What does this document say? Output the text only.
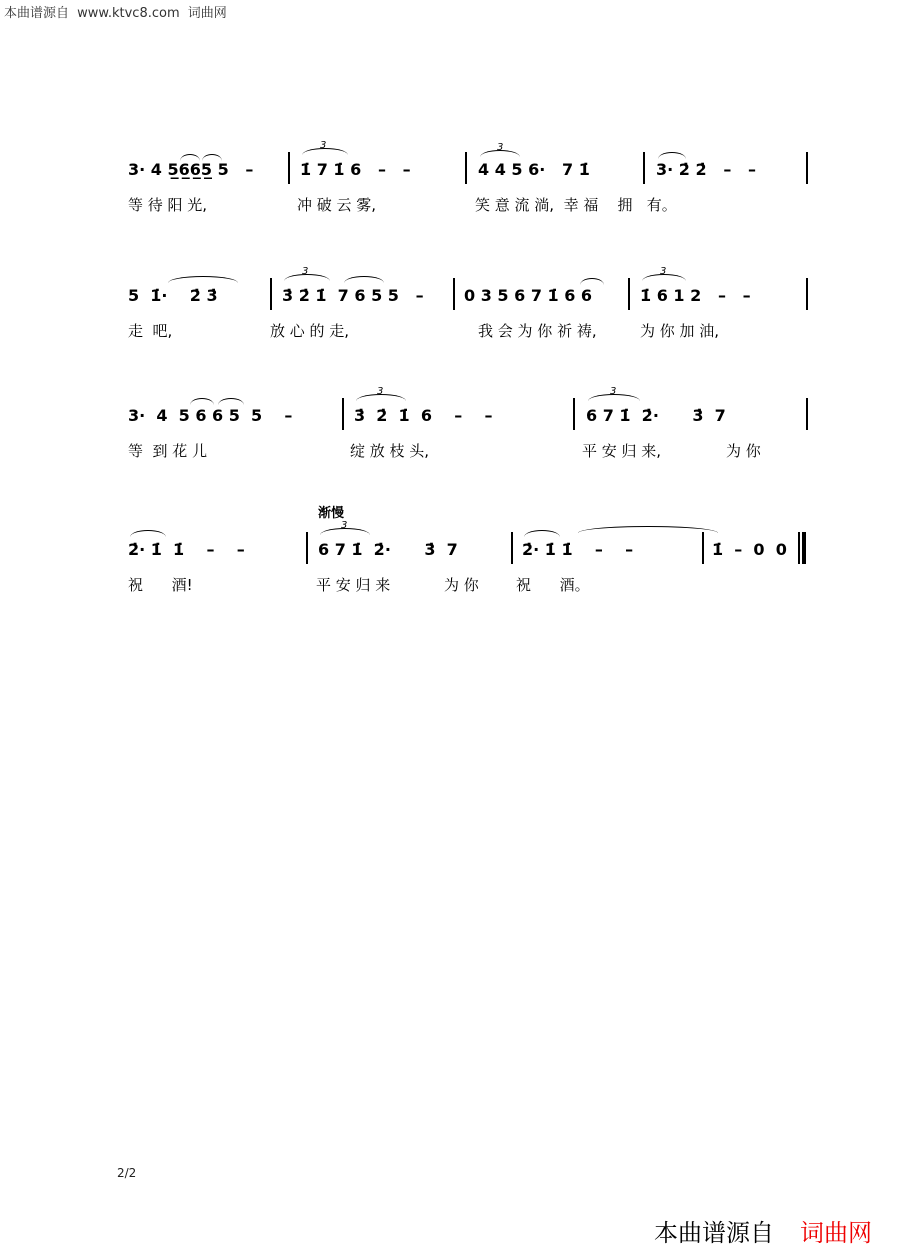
本曲谱源自 www.ktvc8.com 词曲网
3· 4 5̲6̲6̲5̲ 5   –	1̇ 7 1̇ 6   –   –	4 4 5 6·   7 1̇	3· 2̇ 2̇   –   –
3	3
等 待 阳 光,	冲 破 云 雾,	笑 意 流 淌,  幸 福    拥   有。
5  1̇·    2̇ 3̇	3̇ 2̇ 1̇  7 6 5 5   –	0 3 5 6 7 1̇ 6 6	1̇ 6 1 2   –   –
3	3
走  吧,	放 心 的 走,	我 会 为 你 祈 祷,	为 你 加 油,
3·  4  5 6 6 5  5    –	3̇  2̇  1̇  6    –    –	6 7 1̇  2̇·      3̇  7
3	3
等  到 花 儿	绽 放 枝 头,	平 安 归 来,	为 你
渐慢
2̇· 1̇  1̇    –    –	6 7 1̇  2̇·      3̇  7	2̇· 1̇ 1̇    –    –	1̇  –  0  0
3
祝      酒!	平 安 归 来	为 你 祝      酒。
2/2
本曲谱源自 词曲网
